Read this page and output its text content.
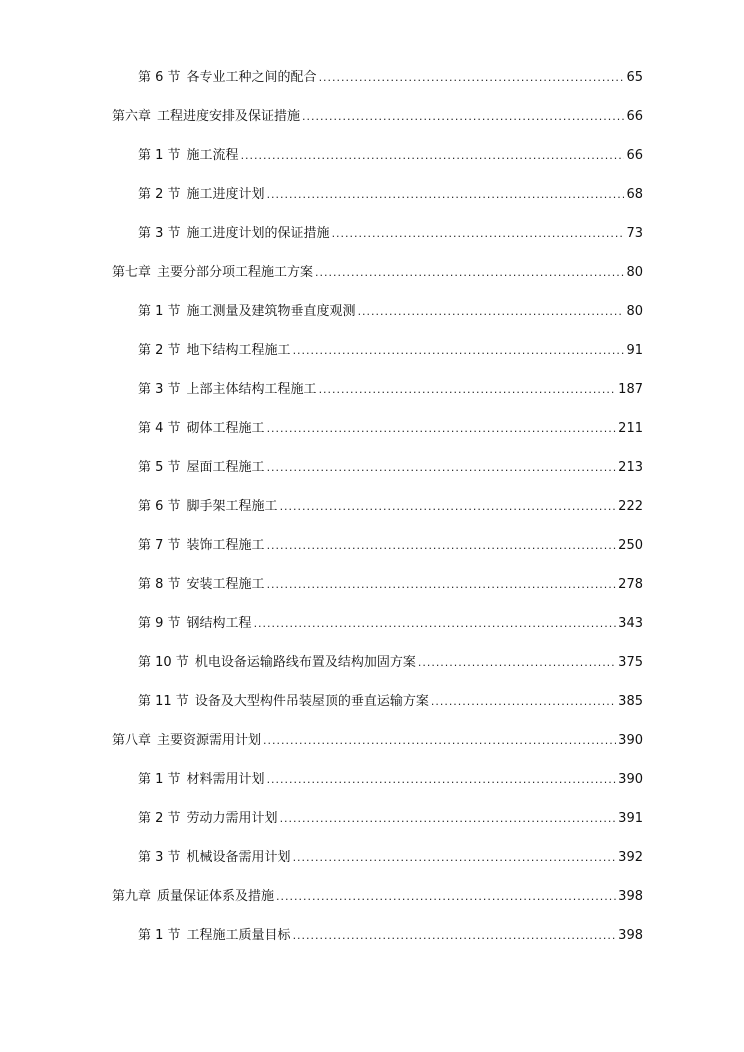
第 6 节 各专业工种之间的配合 .....	65
第六章 工程进度安排及保证措施 .....	66
第 1 节 施工流程 .....	66
第 2 节 施工进度计划 .....	68
第 3 节 施工进度计划的保证措施 .....	73
第七章 主要分部分项工程施工方案 .....	80
第 1 节 施工测量及建筑物垂直度观测 .....	80
第 2 节 地下结构工程施工 .....	91
第 3 节 上部主体结构工程施工 .....	187
第 4 节 砌体工程施工 .....	211
第 5 节 屋面工程施工 .....	213
第 6 节 脚手架工程施工 .....	222
第 7 节 装饰工程施工 .....	250
第 8 节 安装工程施工 .....	278
第 9 节 钢结构工程 .....	343
第 10 节 机电设备运输路线布置及结构加固方案 .....	375
第 11 节 设备及大型构件吊装屋顶的垂直运输方案 .....	385
第八章 主要资源需用计划 .....	390
第 1 节 材料需用计划 .....	390
第 2 节 劳动力需用计划 .....	391
第 3 节 机械设备需用计划 .....	392
第九章 质量保证体系及措施 .....	398
第 1 节 工程施工质量目标 .....	398
